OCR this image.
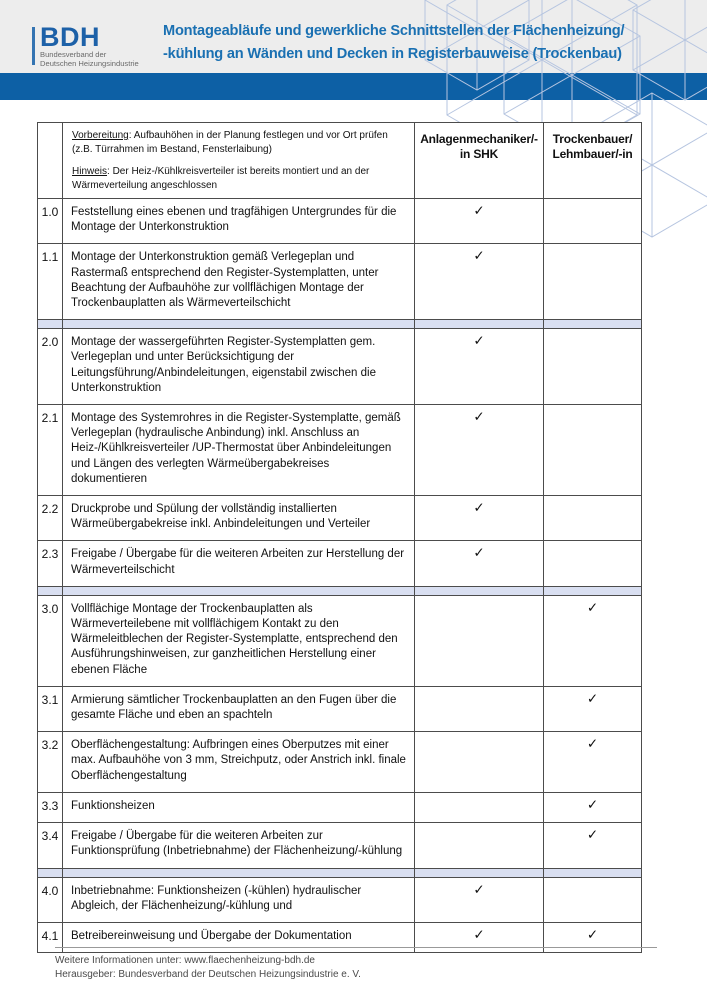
BDH
Bundesverband der
Deutschen Heizungsindustrie
Montageabläufe und gewerkliche Schnittstellen der Flächenheizung/
-kühlung an Wänden und Decken in Registerbauweise (Trockenbau)

Vorbereitung: Aufbauhöhen in der Planung festlegen und vor Ort prüfen (z.B. Türrahmen im Bestand, Fensterlaibung)

Hinweis: Der Heiz-/Kühlkreisverteiler ist bereits montiert und an der Wärmeverteilung angeschlossen

Anlagenmechaniker/-
in SHK

Trockenbauer/
Lehmbauer/-in

1.0	Feststellung eines ebenen und tragfähigen Untergrundes für die Montage der Unterkonstruktion	✓	
1.1	Montage der Unterkonstruktion gemäß Verlegeplan und Rastermaß entsprechend den Register-Systemplatten, unter Beachtung der Aufbauhöhe zur vollflächigen Montage der Trockenbauplatten als Wärmeverteilschicht	✓	

2.0	Montage der wassergeführten Register-Systemplatten gem. Verlegeplan und unter Berücksichtigung der Leitungsführung/Anbindeleitungen, eigenstabil zwischen die Unterkonstruktion	✓	
2.1	Montage des Systemrohres in die Register-Systemplatte, gemäß Verlegeplan (hydraulische Anbindung) inkl. Anschluss an Heiz-/Kühlkreisverteiler /UP-Thermostat über Anbindeleitungen und Längen des verlegten Wärmeübergabekreises dokumentieren	✓	
2.2	Druckprobe und Spülung der vollständig installierten Wärmeübergabekreise inkl. Anbindeleitungen und Verteiler	✓	
2.3	Freigabe / Übergabe für die weiteren Arbeiten zur Herstellung der Wärmeverteilschicht	✓	

3.0	Vollflächige Montage der Trockenbauplatten als Wärmeverteilebene mit vollflächigem Kontakt zu den Wärmeleitblechen der Register-Systemplatte, entsprechend den Ausführungshinweisen, zur ganzheitlichen Herstellung einer ebenen Fläche		✓
3.1	Armierung sämtlicher Trockenbauplatten an den Fugen über die gesamte Fläche und eben an spachteln		✓
3.2	Oberflächengestaltung: Aufbringen eines Oberputzes mit einer max. Aufbauhöhe von 3 mm, Streichputz, oder Anstrich inkl. finale Oberflächengestaltung		✓
3.3	Funktionsheizen		✓
3.4	Freigabe / Übergabe für die weiteren Arbeiten zur Funktionsprüfung (Inbetriebnahme) der Flächenheizung/-kühlung		✓

4.0	Inbetriebnahme: Funktionsheizen (-kühlen) hydraulischer Abgleich, der Flächenheizung/-kühlung und	✓	
4.1	Betreibereinweisung und Übergabe der Dokumentation	✓	✓
Weitere Informationen unter: www.flaechenheizung-bdh.de
Herausgeber: Bundesverband der Deutschen Heizungsindustrie e. V.
